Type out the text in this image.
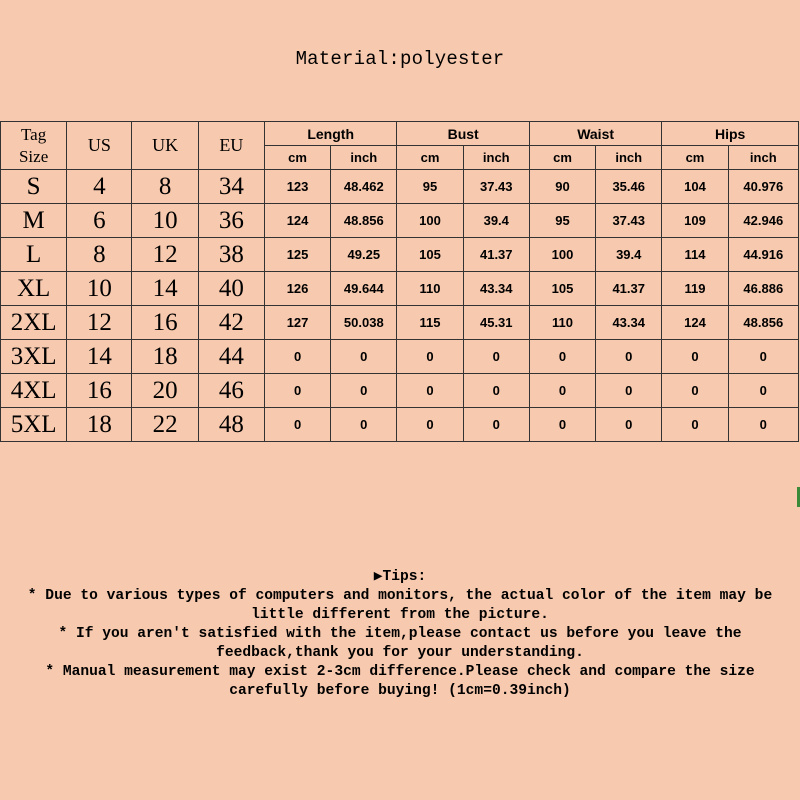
Material:polyester
Tag
Size	US	UK	EU	Length		Bust		Waist		Hips	
				cm	inch	cm	inch	cm	inch	cm	inch
S	4	8	34	123	48.462	95	37.43	90	35.46	104	40.976
M	6	10	36	124	48.856	100	39.4	95	37.43	109	42.946
L	8	12	38	125	49.25	105	41.37	100	39.4	114	44.916
XL	10	14	40	126	49.644	110	43.34	105	41.37	119	46.886
2XL	12	16	42	127	50.038	115	45.31	110	43.34	124	48.856
3XL	14	18	44	0	0	0	0	0	0	0	0
4XL	16	20	46	0	0	0	0	0	0	0	0
5XL	18	22	48	0	0	0	0	0	0	0	0

▶Tips:

* Due to various types of computers and monitors, the actual color of the item may be

little different from the picture.

* If you aren't satisfied with the item,please contact us before you leave the

feedback,thank you for your understanding.

* Manual measurement may exist 2-3cm difference.Please check and compare the size

carefully before buying! (1cm=0.39inch)
